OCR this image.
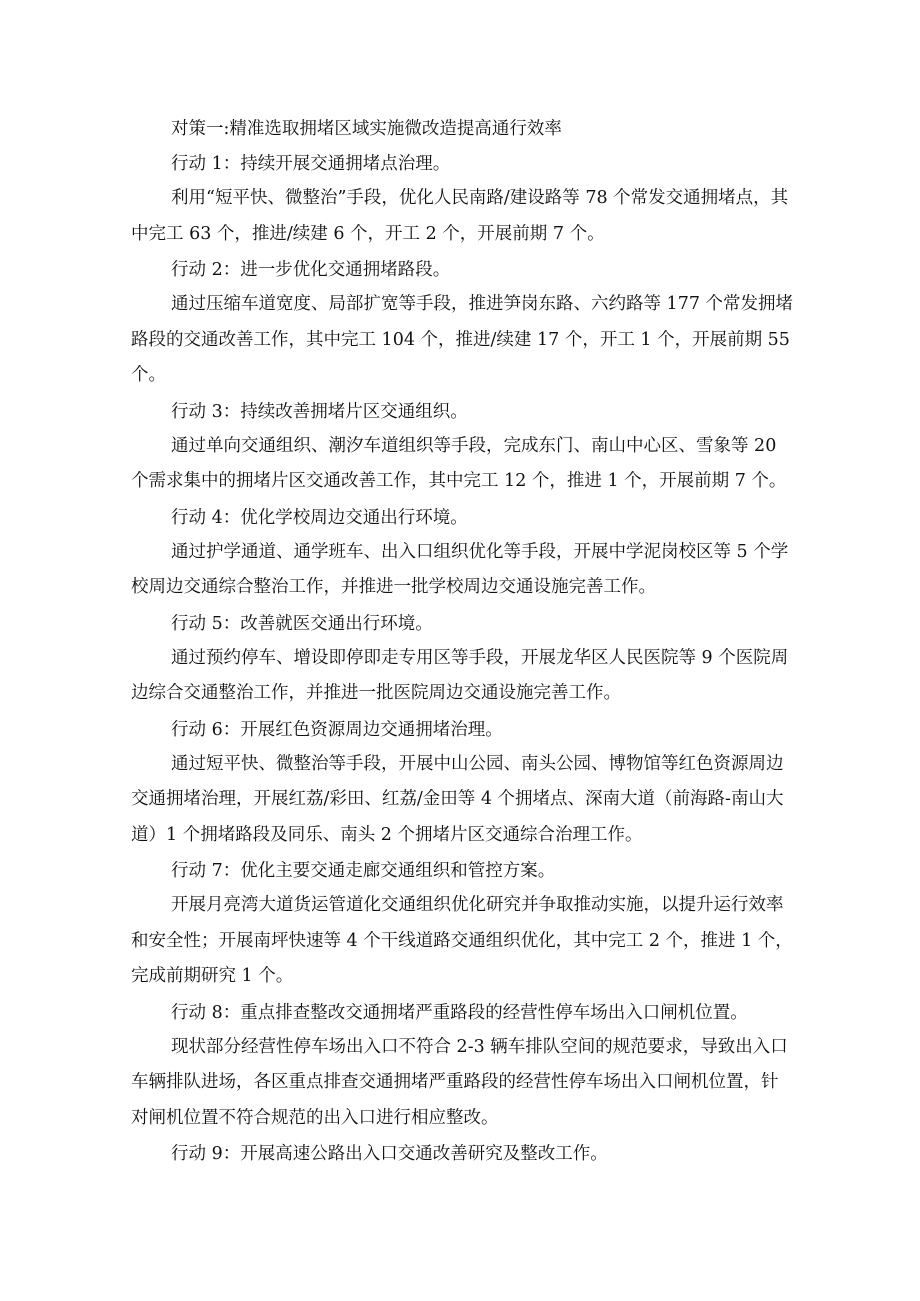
对策一:精准选取拥堵区域实施微改造提高通行效率

行动 1：持续开展交通拥堵点治理。

利用“短平快、微整治”手段，优化人民南路/建设路等 78 个常发交通拥堵点，其中完工 63 个，推进/续建 6 个，开工 2 个，开展前期 7 个。

行动 2：进一步优化交通拥堵路段。

通过压缩车道宽度、局部扩宽等手段，推进笋岗东路、六约路等 177 个常发拥堵路段的交通改善工作，其中完工 104 个，推进/续建 17 个，开工 1 个，开展前期 55 个。

行动 3：持续改善拥堵片区交通组织。

通过单向交通组织、潮汐车道组织等手段，完成东门、南山中心区、雪象等 20 个需求集中的拥堵片区交通改善工作，其中完工 12 个，推进 1 个，开展前期 7 个。

行动 4：优化学校周边交通出行环境。

通过护学通道、通学班车、出入口组织优化等手段，开展中学泥岗校区等 5 个学校周边交通综合整治工作，并推进一批学校周边交通设施完善工作。

行动 5：改善就医交通出行环境。

通过预约停车、增设即停即走专用区等手段，开展龙华区人民医院等 9 个医院周边综合交通整治工作，并推进一批医院周边交通设施完善工作。

行动 6：开展红色资源周边交通拥堵治理。

通过短平快、微整治等手段，开展中山公园、南头公园、博物馆等红色资源周边交通拥堵治理，开展红荔/彩田、红荔/金田等 4 个拥堵点、深南大道（前海路-南山大道）1 个拥堵路段及同乐、南头 2 个拥堵片区交通综合治理工作。

行动 7：优化主要交通走廊交通组织和管控方案。

开展月亮湾大道货运管道化交通组织优化研究并争取推动实施，以提升运行效率和安全性；开展南坪快速等 4 个干线道路交通组织优化，其中完工 2 个，推进 1 个，完成前期研究 1 个。

行动 8：重点排查整改交通拥堵严重路段的经营性停车场出入口闸机位置。

现状部分经营性停车场出入口不符合 2-3 辆车排队空间的规范要求，导致出入口车辆排队进场，各区重点排查交通拥堵严重路段的经营性停车场出入口闸机位置，针对闸机位置不符合规范的出入口进行相应整改。

行动 9：开展高速公路出入口交通改善研究及整改工作。
